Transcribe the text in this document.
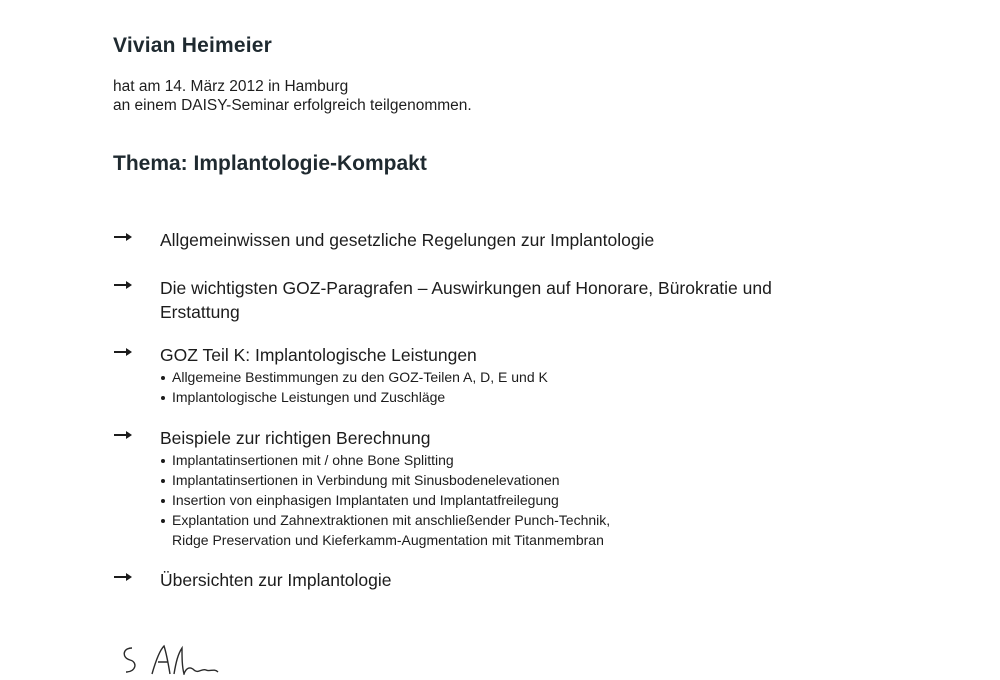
Vivian Heimeier
hat am 14. März 2012 in Hamburg
an einem DAISY-Seminar erfolgreich teilgenommen.
Thema: Implantologie-Kompakt
Allgemeinwissen und gesetzliche Regelungen zur Implantologie
Die wichtigsten GOZ-Paragrafen – Auswirkungen auf Honorare, Bürokratie und Erstattung
GOZ Teil K: Implantologische Leistungen
Allgemeine Bestimmungen zu den GOZ-Teilen A, D, E und K
Implantologische Leistungen und Zuschläge
Beispiele zur richtigen Berechnung
Implantatinsertionen mit / ohne Bone Splitting
Implantatinsertionen in Verbindung mit Sinusbodenelevationen
Insertion von einphasigen Implantaten und Implantatfreilegung
Explantation und Zahnextraktionen mit anschließender Punch-Technik,
Ridge Preservation und Kieferkamm-Augmentation mit Titanmembran
Übersichten zur Implantologie
